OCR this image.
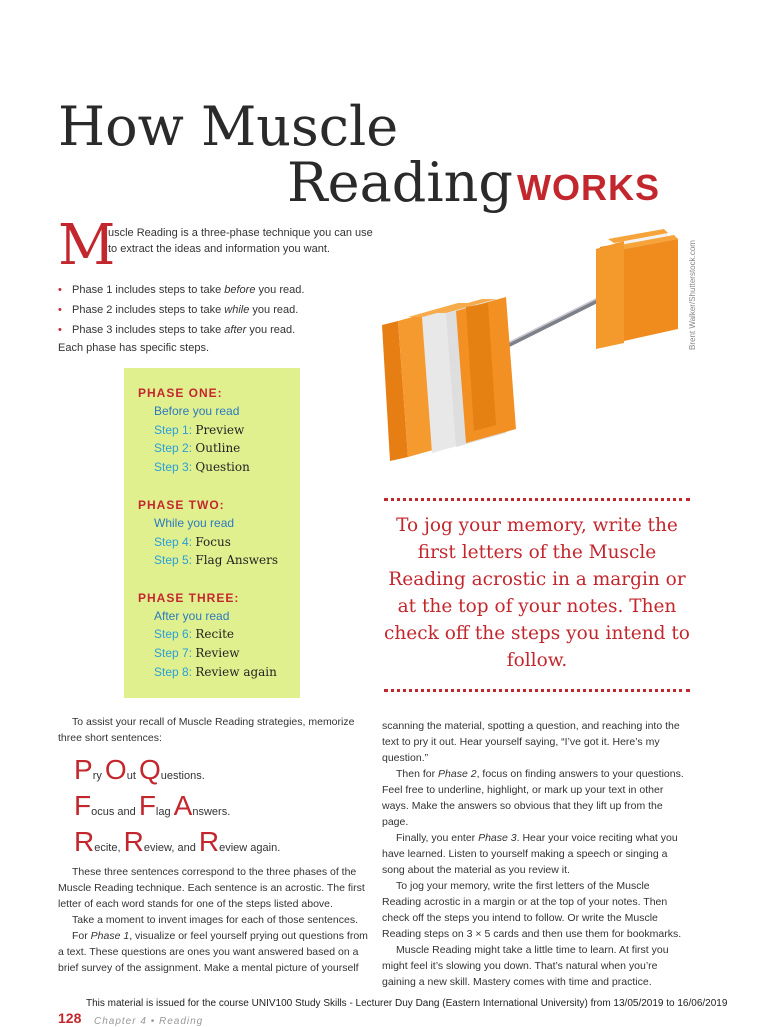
How Muscle
Reading WORKS
M
uscle Reading is a three-phase technique you can use to extract the ideas and information you want.
• Phase 1 includes steps to take before you read.
• Phase 2 includes steps to take while you read.
• Phase 3 includes steps to take after you read.
Each phase has specific steps.
PHASE ONE:
Before you read
Step 1: Preview
Step 2: Outline
Step 3: Question
PHASE TWO:
While you read
Step 4: Focus
Step 5: Flag Answers
PHASE THREE:
After you read
Step 6: Recite
Step 7: Review
Step 8: Review again
Brent Walker/Shutterstock.com
To jog your memory, write the first letters of the Muscle Reading acrostic in a margin or at the top of your notes. Then check off the steps you intend to follow.

To assist your recall of Muscle Reading strategies, memorize three short sentences:

Pry Out Questions.
Focus and Flag Answers.
Recite, Review, and Review again.

These three sentences correspond to the three phases of the Muscle Reading technique. Each sentence is an acrostic. The first letter of each word stands for one of the steps listed above.
Take a moment to invent images for each of those sentences.
For Phase 1, visualize or feel yourself prying out questions from a text. These questions are ones you want answered based on a brief survey of the assignment. Make a mental picture of yourself

scanning the material, spotting a question, and reaching into the text to pry it out. Hear yourself saying, “I’ve got it. Here’s my question.”
Then for Phase 2, focus on finding answers to your questions. Feel free to underline, highlight, or mark up your text in other ways. Make the answers so obvious that they lift up from the page.
Finally, you enter Phase 3. Hear your voice reciting what you have learned. Listen to yourself making a speech or singing a song about the material as you review it.
To jog your memory, write the first letters of the Muscle Reading acrostic in a margin or at the top of your notes. Then check off the steps you intend to follow. Or write the Muscle Reading steps on 3 × 5 cards and then use them for bookmarks.
Muscle Reading might take a little time to learn. At first you might feel it’s slowing you down. That’s natural when you’re gaining a new skill. Mastery comes with time and practice.

This material is issued for the course UNIV100 Study Skills - Lecturer Duy Dang (Eastern International University) from 13/05/2019 to 16/06/2019
128 Chapter 4 • Reading
